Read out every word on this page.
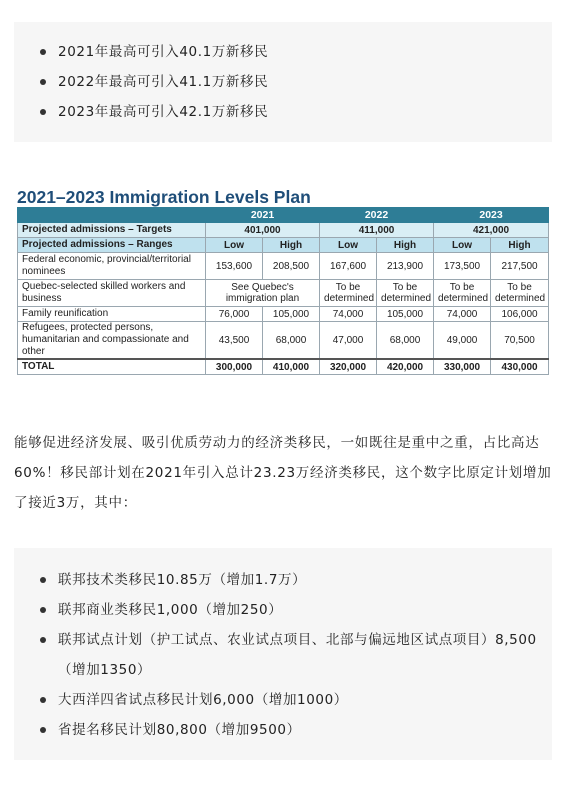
2021年最高可引入40.1万新移民
2022年最高可引入41.1万新移民
2023年最高可引入42.1万新移民
2021–2023 Immigration Levels Plan
	2021		2022		2023	
Projected admissions – Targets	401,000		411,000		421,000	
Projected admissions – Ranges	Low	High	Low	High	Low	High
Federal economic, provincial/territorial nominees	153,600	208,500	167,600	213,900	173,500	217,500
Quebec-selected skilled workers and business	See Quebec's immigration plan		To be determined	To be determined	To be determined	To be determined
Family reunification	76,000	105,000	74,000	105,000	74,000	106,000
Refugees, protected persons, humanitarian and compassionate and other	43,500	68,000	47,000	68,000	49,000	70,500
TOTAL	300,000	410,000	320,000	420,000	330,000	430,000
能够促进经济发展、吸引优质劳动力的经济类移民，一如既往是重中之重，占比高达60%！移民部计划在2021年引入总计23.23万经济类移民，这个数字比原定计划增加了接近3万，其中：
联邦技术类移民10.85万（增加1.7万）
联邦商业类移民1,000（增加250）
联邦试点计划（护工试点、农业试点项目、北部与偏远地区试点项目）8,500（增加1350）
大西洋四省试点移民计划6,000（增加1000）
省提名移民计划80,800（增加9500）
